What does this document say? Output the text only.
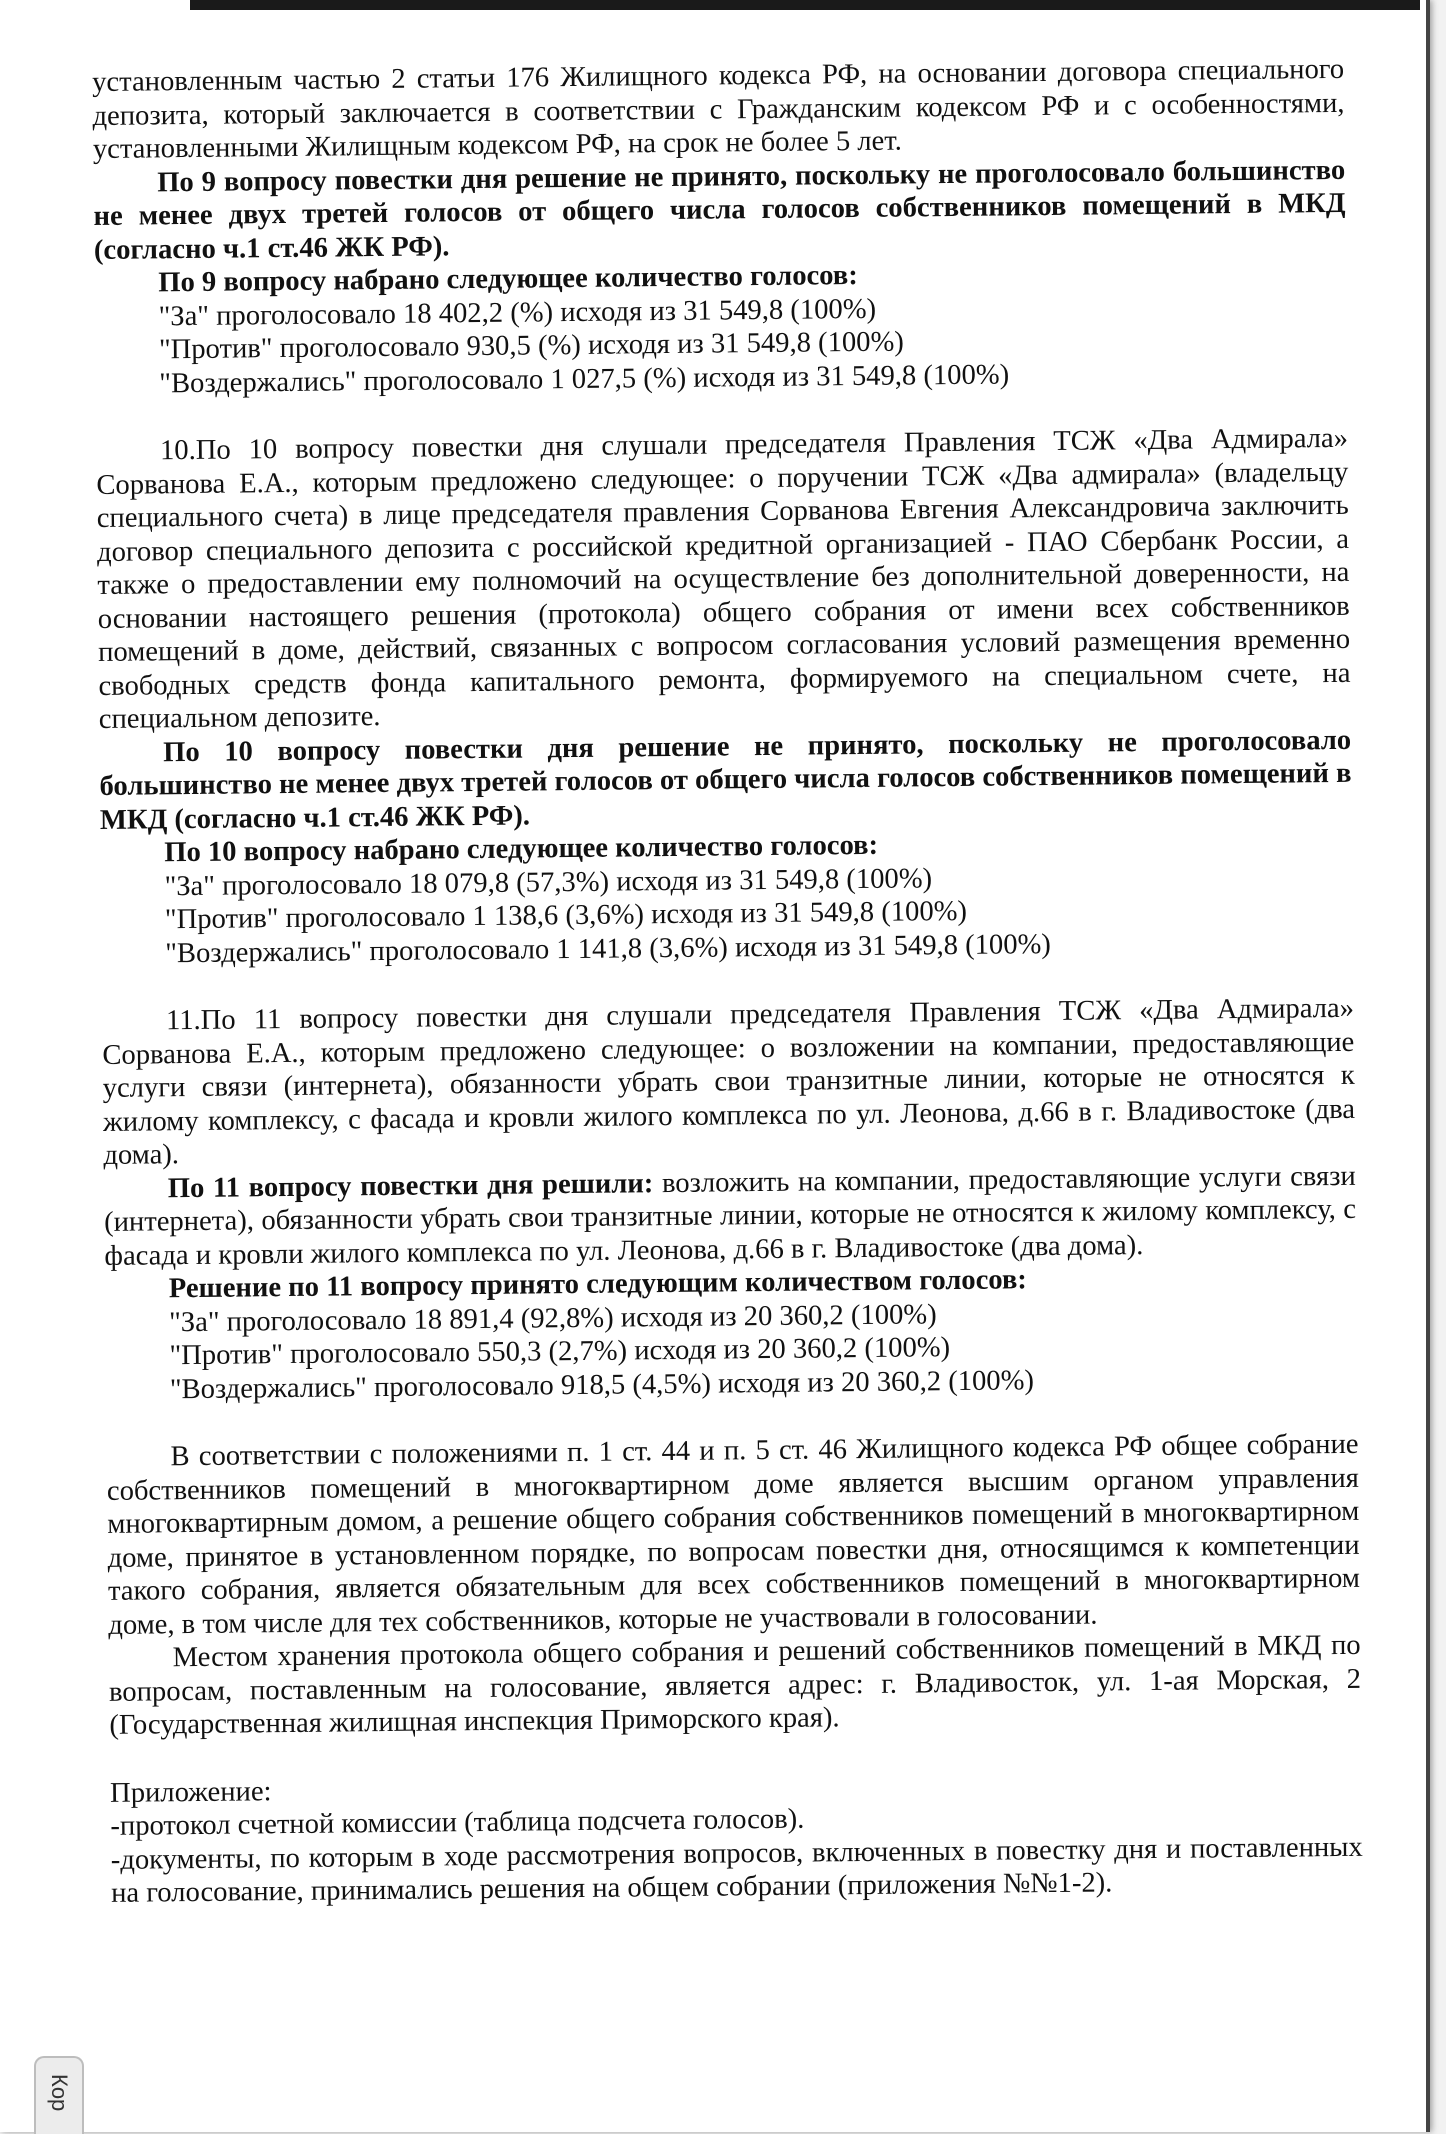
установленным частью 2 статьи 176 Жилищного кодекса РФ, на основании договора специального депозита, который заключается в соответствии с Гражданским кодексом РФ и с особенностями, установленными Жилищным кодексом РФ, на срок не более 5 лет.

По 9 вопросу повестки дня решение не принято, поскольку не проголосовало большинство не менее двух третей голосов от общего числа голосов собственников помещений в МКД (согласно ч.1 ст.46 ЖК РФ).

По 9 вопросу набрано следующее количество голосов:

"За" проголосовало 18 402,2 (%) исходя из 31 549,8 (100%)

"Против" проголосовало 930,5 (%) исходя из 31 549,8 (100%)

"Воздержались" проголосовало 1 027,5 (%) исходя из 31 549,8 (100%)

10.По 10 вопросу повестки дня слушали председателя Правления ТСЖ «Два Адмирала» Сорванова Е.А., которым предложено следующее: о поручении ТСЖ «Два адмирала» (владельцу специального счета) в лице председателя правления Сорванова Евгения Александровича заключить договор специального депозита с российской кредитной организацией - ПАО Сбербанк России, а также о предоставлении ему полномочий на осуществление без дополнительной доверенности, на основании настоящего решения (протокола) общего собрания от имени всех собственников помещений в доме, действий, связанных с вопросом согласования условий размещения временно свободных средств фонда капитального ремонта, формируемого на специальном счете, на специальном депозите.

По 10 вопросу повестки дня решение не принято, поскольку не проголосовало большинство не менее двух третей голосов от общего числа голосов собственников помещений в МКД (согласно ч.1 ст.46 ЖК РФ).

По 10 вопросу набрано следующее количество голосов:

"За" проголосовало 18 079,8 (57,3%) исходя из 31 549,8 (100%)

"Против" проголосовало 1 138,6 (3,6%) исходя из 31 549,8 (100%)

"Воздержались" проголосовало 1 141,8 (3,6%) исходя из 31 549,8 (100%)

11.По 11 вопросу повестки дня слушали председателя Правления ТСЖ «Два Адмирала» Сорванова Е.А., которым предложено следующее: о возложении на компании, предоставляющие услуги связи (интернета), обязанности убрать свои транзитные линии, которые не относятся к жилому комплексу, с фасада и кровли жилого комплекса по ул. Леонова, д.66 в г. Владивостоке (два дома).

По 11 вопросу повестки дня решили: возложить на компании, предоставляющие услуги связи (интернета), обязанности убрать свои транзитные линии, которые не относятся к жилому комплексу, с фасада и кровли жилого комплекса по ул. Леонова, д.66 в г. Владивостоке (два дома).

Решение по 11 вопросу принято следующим количеством голосов:

"За" проголосовало 18 891,4 (92,8%) исходя из 20 360,2 (100%)

"Против" проголосовало 550,3 (2,7%) исходя из 20 360,2 (100%)

"Воздержались" проголосовало 918,5 (4,5%) исходя из 20 360,2 (100%)

В соответствии с положениями п. 1 ст. 44 и п. 5 ст. 46 Жилищного кодекса РФ общее собрание собственников помещений в многоквартирном доме является высшим органом управления многоквартирным домом, а решение общего собрания собственников помещений в многоквартирном доме, принятое в установленном порядке, по вопросам повестки дня, относящимся к компетенции такого собрания, является обязательным для всех собственников помещений в многоквартирном доме, в том числе для тех собственников, которые не участвовали в голосовании.

Местом хранения протокола общего собрания и решений собственников помещений в МКД по вопросам, поставленным на голосование, является адрес: г. Владивосток, ул. 1-ая Морская, 2 (Государственная жилищная инспекция Приморского края).

Приложение:

-протокол счетной комиссии (таблица подсчета голосов).

-документы, по которым в ходе рассмотрения вопросов, включенных в повестку дня и поставленных на голосование, принимались решения на общем собрании (приложения №№1-2).

Кор
